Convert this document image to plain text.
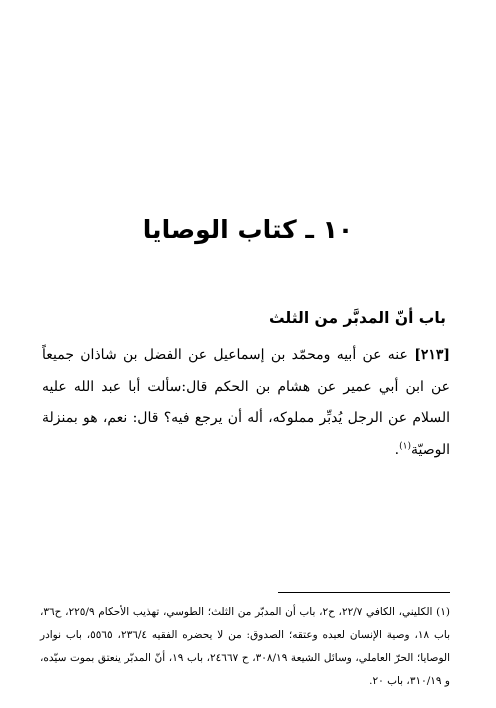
١٠ ـ كتاب الوصايا
باب أنّ المدبَّر من الثلث

[٢١٣] عنه عن أبيه ومحمّد بن إسماعيل عن الفضل بن شاذان جميعاً عن ابن أبي عمير عن هشام بن الحكم قال:سألت أبا عبد الله عليه السلام عن الرجل يُدبِّر مملوكه، أله أن يرجع فيه؟ قال: نعم، هو بمنزلة الوصيّة$^{(١)}$.

(١) الكليني، الكافي ٢٢/٧، ح٢، باب أن المدبّر من الثلث؛ الطوسي، تهذيب الأحكام ٢٢٥/٩، ح٣٦، باب ١٨، وصية الإنسان لعبده وعتقه؛ الصدوق: من لا يحضره الفقيه ٢٣٦/٤، ٥٥٦٥، باب نوادر الوصايا؛ الحرّ العاملي، وسائل الشيعة ٣٠٨/١٩، ح ٢٤٦٦٧، باب ١٩، أنّ المدبّر ينعتق بموت سيّده، و ٣١٠/١٩، باب ٢٠.
